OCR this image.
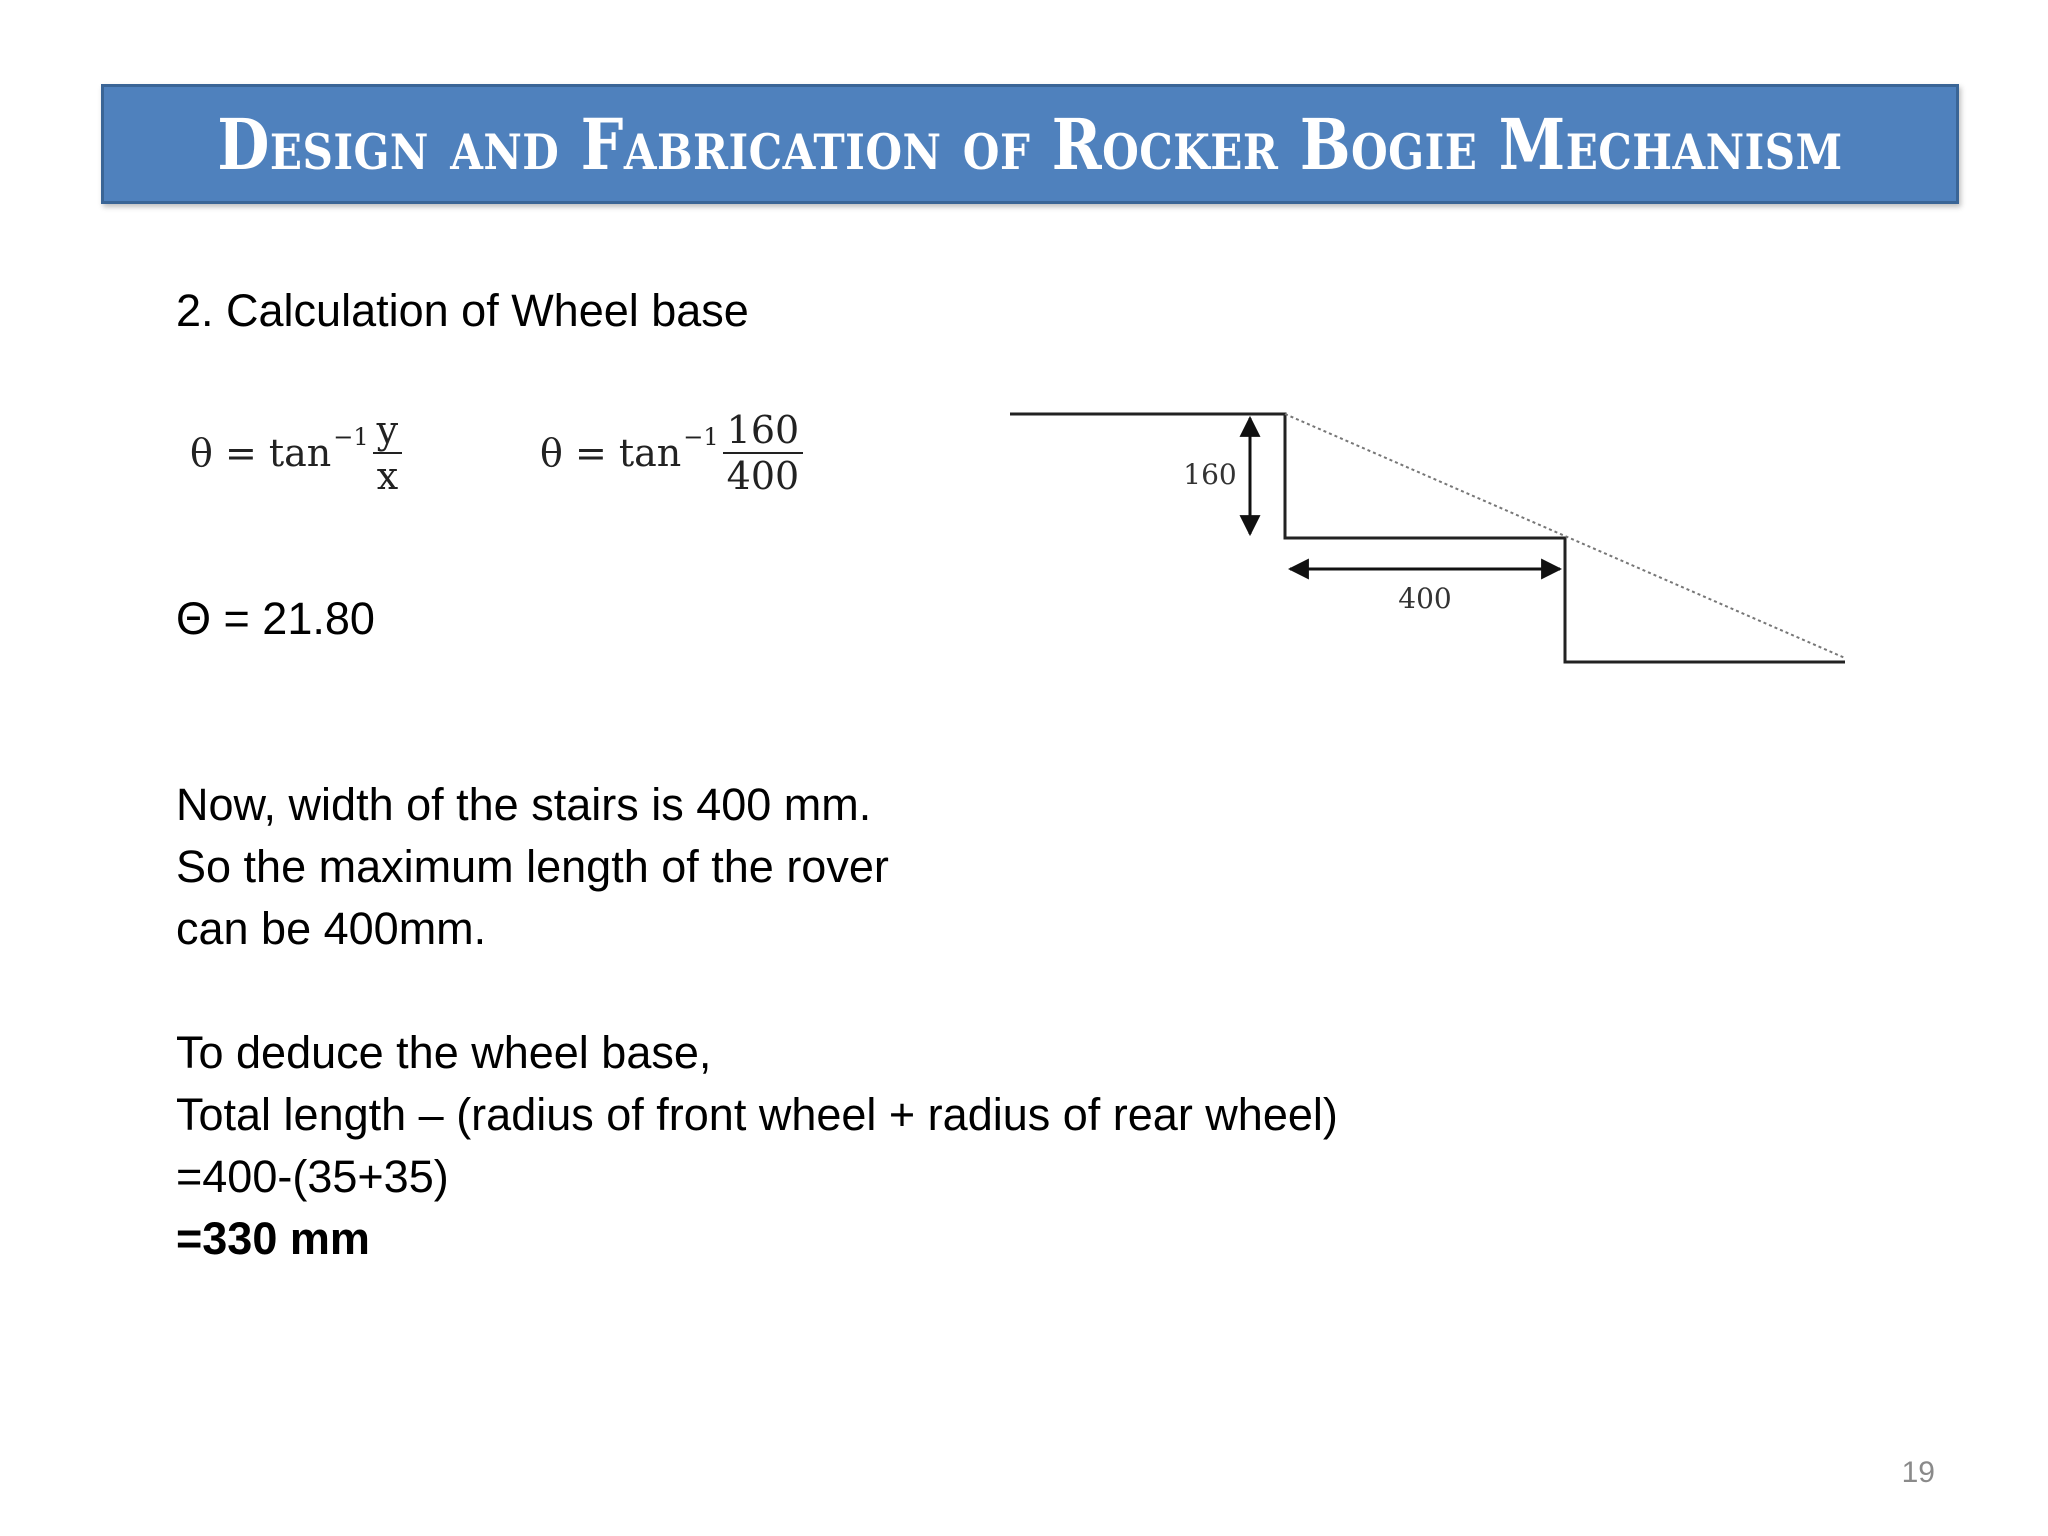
Design and Fabrication of Rocker Bogie Mechanism
2. Calculation of Wheel base
$\theta = \tan -1 \frac{y}{x}$	$\theta = \tan -1 \frac{160}{400}$
Θ = 21.80
Now, width of the stairs is 400 mm.
So the maximum length of the rover
can be 400mm.
To deduce the wheel base,
Total length – (radius of front wheel + radius of rear wheel)
=400-(35+35)
=330 mm
160
400
19
